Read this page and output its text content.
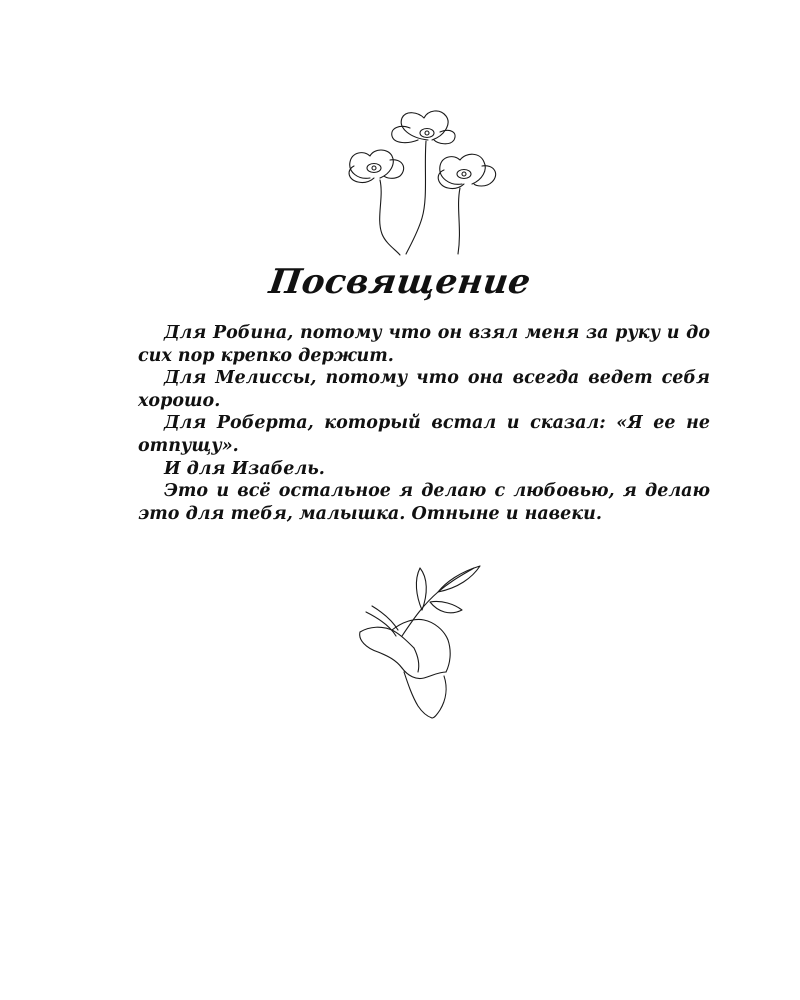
Посвящение

Для Робина, потому что он взял меня за руку и до сих пор крепко держит.

Для Мелиссы, потому что она всегда ведет себя хорошо.

Для Роберта, который встал и сказал: «Я ее не отпущу».

И для Изабель.

Это и всё остальное я делаю с любовью, я делаю это для тебя, малышка. Отныне и навеки.
